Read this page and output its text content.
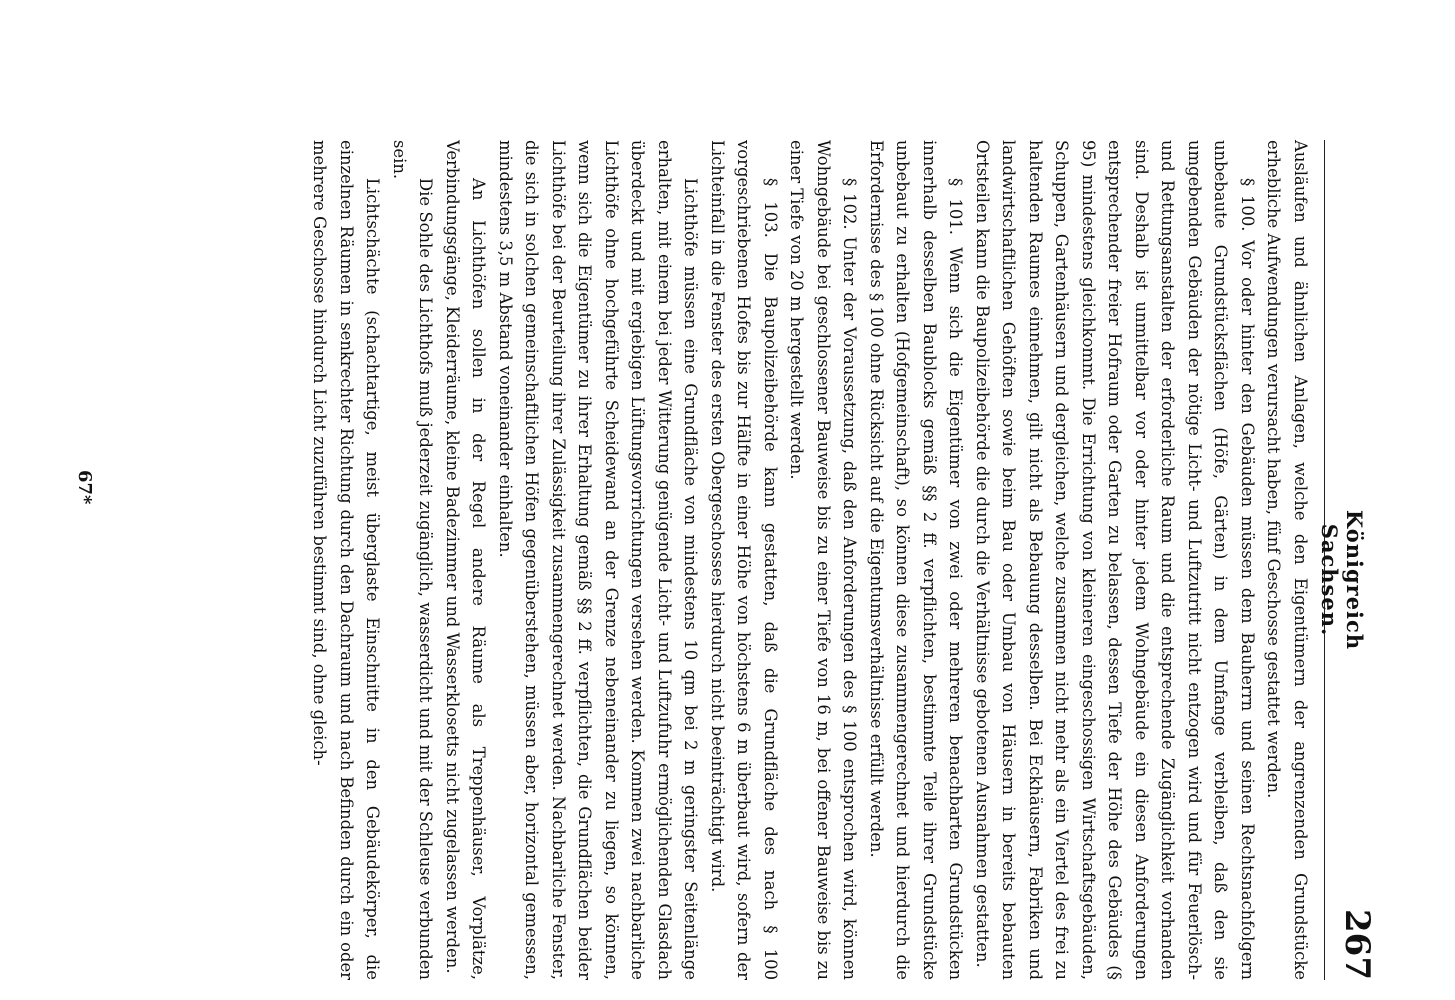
Königreich Sachsen.
267

Ausläufen und ähnlichen Anlagen, welche den Eigentümern der angrenzenden Grundstücke erhebliche Aufwendungen verursacht haben, fünf Geschosse gestattet werden.

§ 100. Vor oder hinter den Gebäuden müssen dem Bauherrn und seinen Rechtsnachfolgern unbebaute Grundstücksflächen (Höfe, Gärten) in dem Umfange verbleiben, daß den sie umgebenden Gebäuden der nötige Licht- und Luftzutritt nicht entzogen wird und für Feuerlösch- und Rettungsanstalten der erforderliche Raum und die entsprechende Zugänglichkeit vorhanden sind. Deshalb ist unmittelbar vor oder hinter jedem Wohngebäude ein diesen Anforderungen entsprechender freier Hofraum oder Garten zu belassen, dessen Tiefe der Höhe des Gebäudes (§ 95) mindestens gleichkommt. Die Errichtung von kleineren eingeschossigen Wirtschaftsgebäuden, Schuppen, Gartenhäusern und dergleichen, welche zusammen nicht mehr als ein Viertel des frei zu haltenden Raumes einnehmen, gilt nicht als Bebauung desselben. Bei Eckhäusern, Fabriken und landwirtschaftlichen Gehöften sowie beim Bau oder Umbau von Häusern in bereits bebauten Ortsteilen kann die Baupolizeibehörde die durch die Verhältnisse gebotenen Ausnahmen gestatten.

§ 101. Wenn sich die Eigentümer von zwei oder mehreren benachbarten Grundstücken innerhalb desselben Baublocks gemäß §§ 2 ff. verpflichten, bestimmte Teile ihrer Grundstücke unbebaut zu erhalten (Hofgemeinschaft), so können diese zusammengerechnet und hierdurch die Erfordernisse des § 100 ohne Rücksicht auf die Eigentumsverhältnisse erfüllt werden.

§ 102. Unter der Voraussetzung, daß den Anforderungen des § 100 entsprochen wird, können Wohngebäude bei geschlossener Bauweise bis zu einer Tiefe von 16 m, bei offener Bauweise bis zu einer Tiefe von 20 m hergestellt werden.

§ 103. Die Baupolizeibehörde kann gestatten, daß die Grundfläche des nach § 100 vorgeschriebenen Hofes bis zur Hälfte in einer Höhe von höchstens 6 m überbaut wird, sofern der Lichteinfall in die Fenster des ersten Obergeschosses hierdurch nicht beeinträchtigt wird.

Lichthöfe müssen eine Grundfläche von mindestens 10 qm bei 2 m geringster Seitenlänge erhalten, mit einem bei jeder Witterung genügende Licht- und Luftzufuhr ermöglichenden Glasdach überdeckt und mit ergiebigen Lüftungsvorrichtungen versehen werden. Kommen zwei nachbarliche Lichthöfe ohne hochgeführte Scheidewand an der Grenze nebeneinander zu liegen, so können, wenn sich die Eigentümer zu ihrer Erhaltung gemäß §§ 2 ff. verpflichten, die Grundflächen beider Lichthöfe bei der Beurteilung ihrer Zulässigkeit zusammengerechnet werden. Nachbarliche Fenster, die sich in solchen gemeinschaftlichen Höfen gegenüberstehen, müssen aber, horizontal gemessen, mindestens 3,5 m Abstand voneinander einhalten.

An Lichthöfen sollen in der Regel andere Räume als Treppenhäuser, Vorplätze, Verbindungsgänge, Kleiderräume, kleine Badezimmer und Wasserklosetts nicht zugelassen werden.

Die Sohle des Lichthofs muß jederzeit zugänglich, wasserdicht und mit der Schleuse verbunden sein.

Lichtschächte (schachtartige, meist überglaste Einschnitte in den Gebäudekörper, die einzelnen Räumen in senkrechter Richtung durch den Dachraum und nach Befinden durch ein oder mehrere Geschosse hindurch Licht zuzuführen bestimmt sind, ohne gleich-

67*
